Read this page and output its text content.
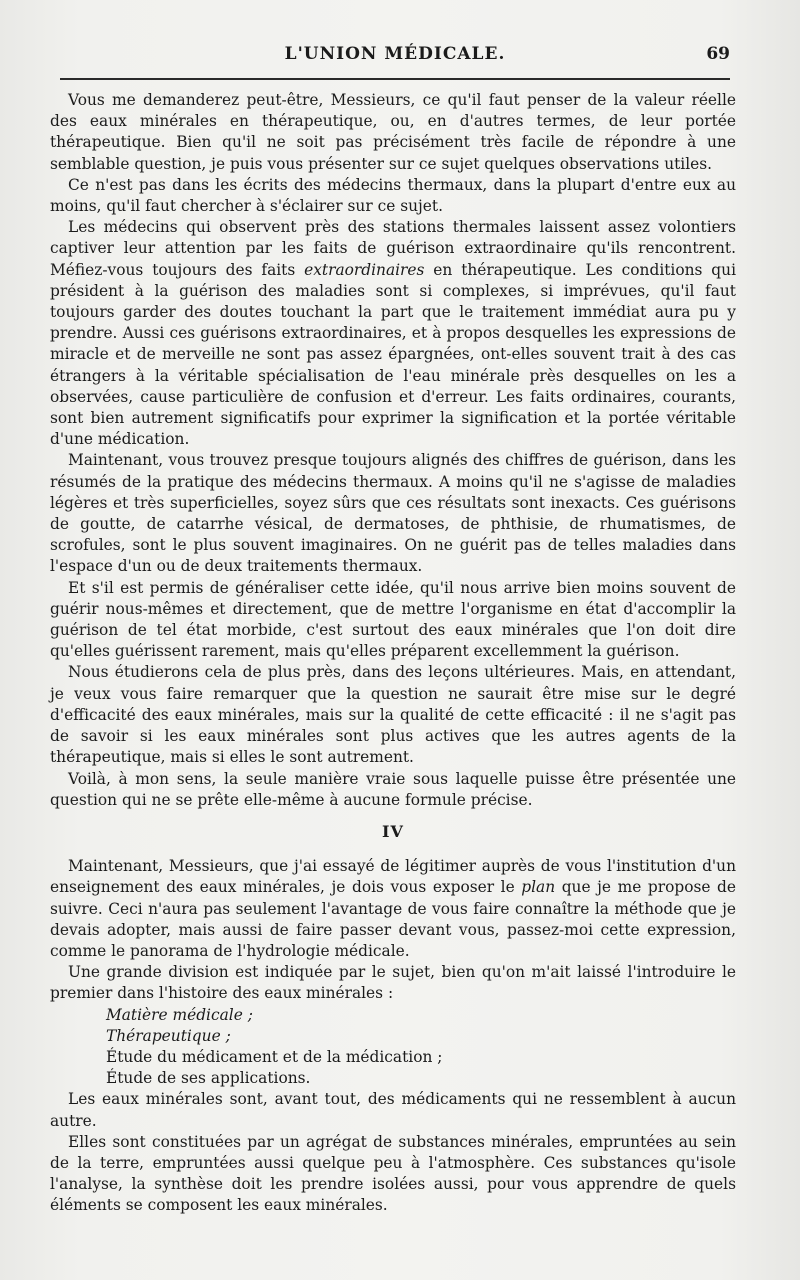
L'UNION MÉDICALE.	69

Vous me demanderez peut-être, Messieurs, ce qu'il faut penser de la valeur réelle des eaux minérales en thérapeutique, ou, en d'autres termes, de leur portée thérapeutique. Bien qu'il ne soit pas précisément très facile de répondre à une semblable question, je puis vous présenter sur ce sujet quelques observations utiles.

Ce n'est pas dans les écrits des médecins thermaux, dans la plupart d'entre eux au moins, qu'il faut chercher à s'éclairer sur ce sujet.

Les médecins qui observent près des stations thermales laissent assez volontiers captiver leur attention par les faits de guérison extraordinaire qu'ils rencontrent. Méfiez-vous toujours des faits extraordinaires en thérapeutique. Les conditions qui président à la guérison des maladies sont si complexes, si imprévues, qu'il faut toujours garder des doutes touchant la part que le traitement immédiat aura pu y prendre. Aussi ces guérisons extraordinaires, et à propos desquelles les expressions de miracle et de merveille ne sont pas assez épargnées, ont-elles souvent trait à des cas étrangers à la véritable spécialisation de l'eau minérale près desquelles on les a observées, cause particulière de confusion et d'erreur. Les faits ordinaires, courants, sont bien autrement significatifs pour exprimer la signification et la portée véritable d'une médication.

Maintenant, vous trouvez presque toujours alignés des chiffres de guérison, dans les résumés de la pratique des médecins thermaux. A moins qu'il ne s'agisse de maladies légères et très superficielles, soyez sûrs que ces résultats sont inexacts. Ces guérisons de goutte, de catarrhe vésical, de dermatoses, de phthisie, de rhumatismes, de scrofules, sont le plus souvent imaginaires. On ne guérit pas de telles maladies dans l'espace d'un ou de deux traitements thermaux.

Et s'il est permis de généraliser cette idée, qu'il nous arrive bien moins souvent de guérir nous-mêmes et directement, que de mettre l'organisme en état d'accomplir la guérison de tel état morbide, c'est surtout des eaux minérales que l'on doit dire qu'elles guérissent rarement, mais qu'elles préparent excellemment la guérison.

Nous étudierons cela de plus près, dans des leçons ultérieures. Mais, en attendant, je veux vous faire remarquer que la question ne saurait être mise sur le degré d'efficacité des eaux minérales, mais sur la qualité de cette efficacité : il ne s'agit pas de savoir si les eaux minérales sont plus actives que les autres agents de la thérapeutique, mais si elles le sont autrement.

Voilà, à mon sens, la seule manière vraie sous laquelle puisse être présentée une question qui ne se prête elle-même à aucune formule précise.

IV

Maintenant, Messieurs, que j'ai essayé de légitimer auprès de vous l'institution d'un enseignement des eaux minérales, je dois vous exposer le plan que je me propose de suivre. Ceci n'aura pas seulement l'avantage de vous faire connaître la méthode que je devais adopter, mais aussi de faire passer devant vous, passez-moi cette expression, comme le panorama de l'hydrologie médicale.

Une grande division est indiquée par le sujet, bien qu'on m'ait laissé l'introduire le premier dans l'histoire des eaux minérales :

Matière médicale ;
Thérapeutique ;
Étude du médicament et de la médication ;
Étude de ses applications.

Les eaux minérales sont, avant tout, des médicaments qui ne ressemblent à aucun autre.

Elles sont constituées par un agrégat de substances minérales, empruntées au sein de la terre, empruntées aussi quelque peu à l'atmosphère. Ces substances qu'isole l'analyse, la synthèse doit les prendre isolées aussi, pour vous apprendre de quels éléments se composent les eaux minérales.
